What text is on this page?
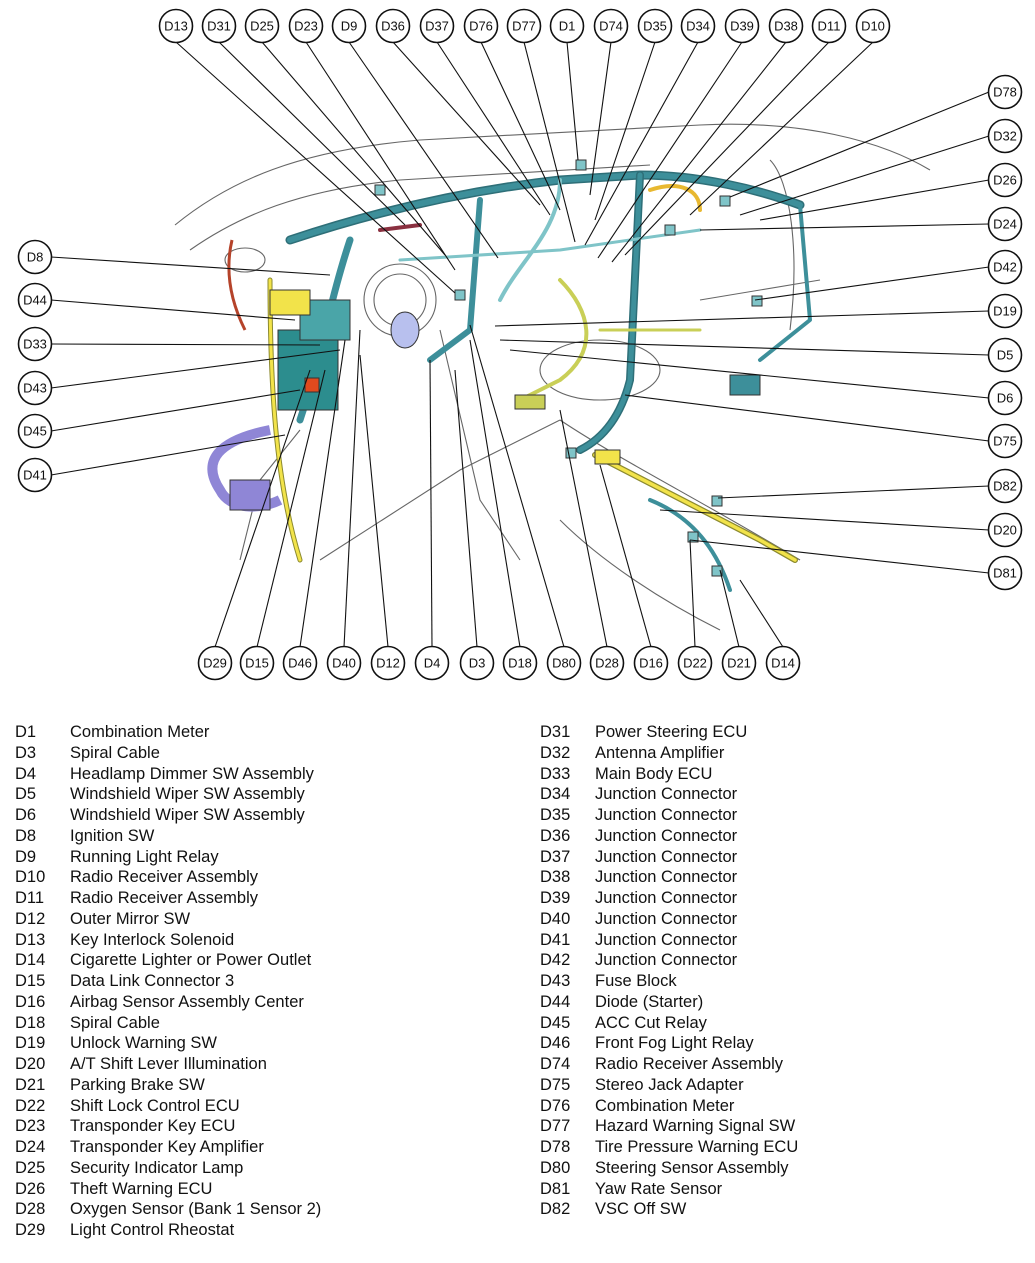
D13 D31 D25 D23 D9 D36 D37 D76 D77 D1 D74 D35 D34 D39 D38 D11 D10
D78
D32
D26
D24
D42
D19
D5
D6
D75
D82
D20
D81
D8
D44
D33
D43
D45
D41
D29 D15 D46 D40 D12 D4 D3 D18 D80 D28 D16 D22 D21 D14
D1	Combination Meter
D3	Spiral Cable
D4	Headlamp Dimmer SW Assembly
D5	Windshield Wiper SW Assembly
D6	Windshield Wiper SW Assembly
D8	Ignition SW
D9	Running Light Relay
D10	Radio Receiver Assembly
D11	Radio Receiver Assembly
D12	Outer Mirror SW
D13	Key Interlock Solenoid
D14	Cigarette Lighter or Power Outlet
D15	Data Link Connector 3
D16	Airbag Sensor Assembly Center
D18	Spiral Cable
D19	Unlock Warning SW
D20	A/T Shift Lever Illumination
D21	Parking Brake SW
D22	Shift Lock Control ECU
D23	Transponder Key ECU
D24	Transponder Key Amplifier
D25	Security Indicator Lamp
D26	Theft Warning ECU
D28	Oxygen Sensor (Bank 1 Sensor 2)
D29	Light Control Rheostat
D31	Power Steering ECU
D32	Antenna Amplifier
D33	Main Body ECU
D34	Junction Connector
D35	Junction Connector
D36	Junction Connector
D37	Junction Connector
D38	Junction Connector
D39	Junction Connector
D40	Junction Connector
D41	Junction Connector
D42	Junction Connector
D43	Fuse Block
D44	Diode (Starter)
D45	ACC Cut Relay
D46	Front Fog Light Relay
D74	Radio Receiver Assembly
D75	Stereo Jack Adapter
D76	Combination Meter
D77	Hazard Warning Signal SW
D78	Tire Pressure Warning ECU
D80	Steering Sensor Assembly
D81	Yaw Rate Sensor
D82	VSC Off SW
